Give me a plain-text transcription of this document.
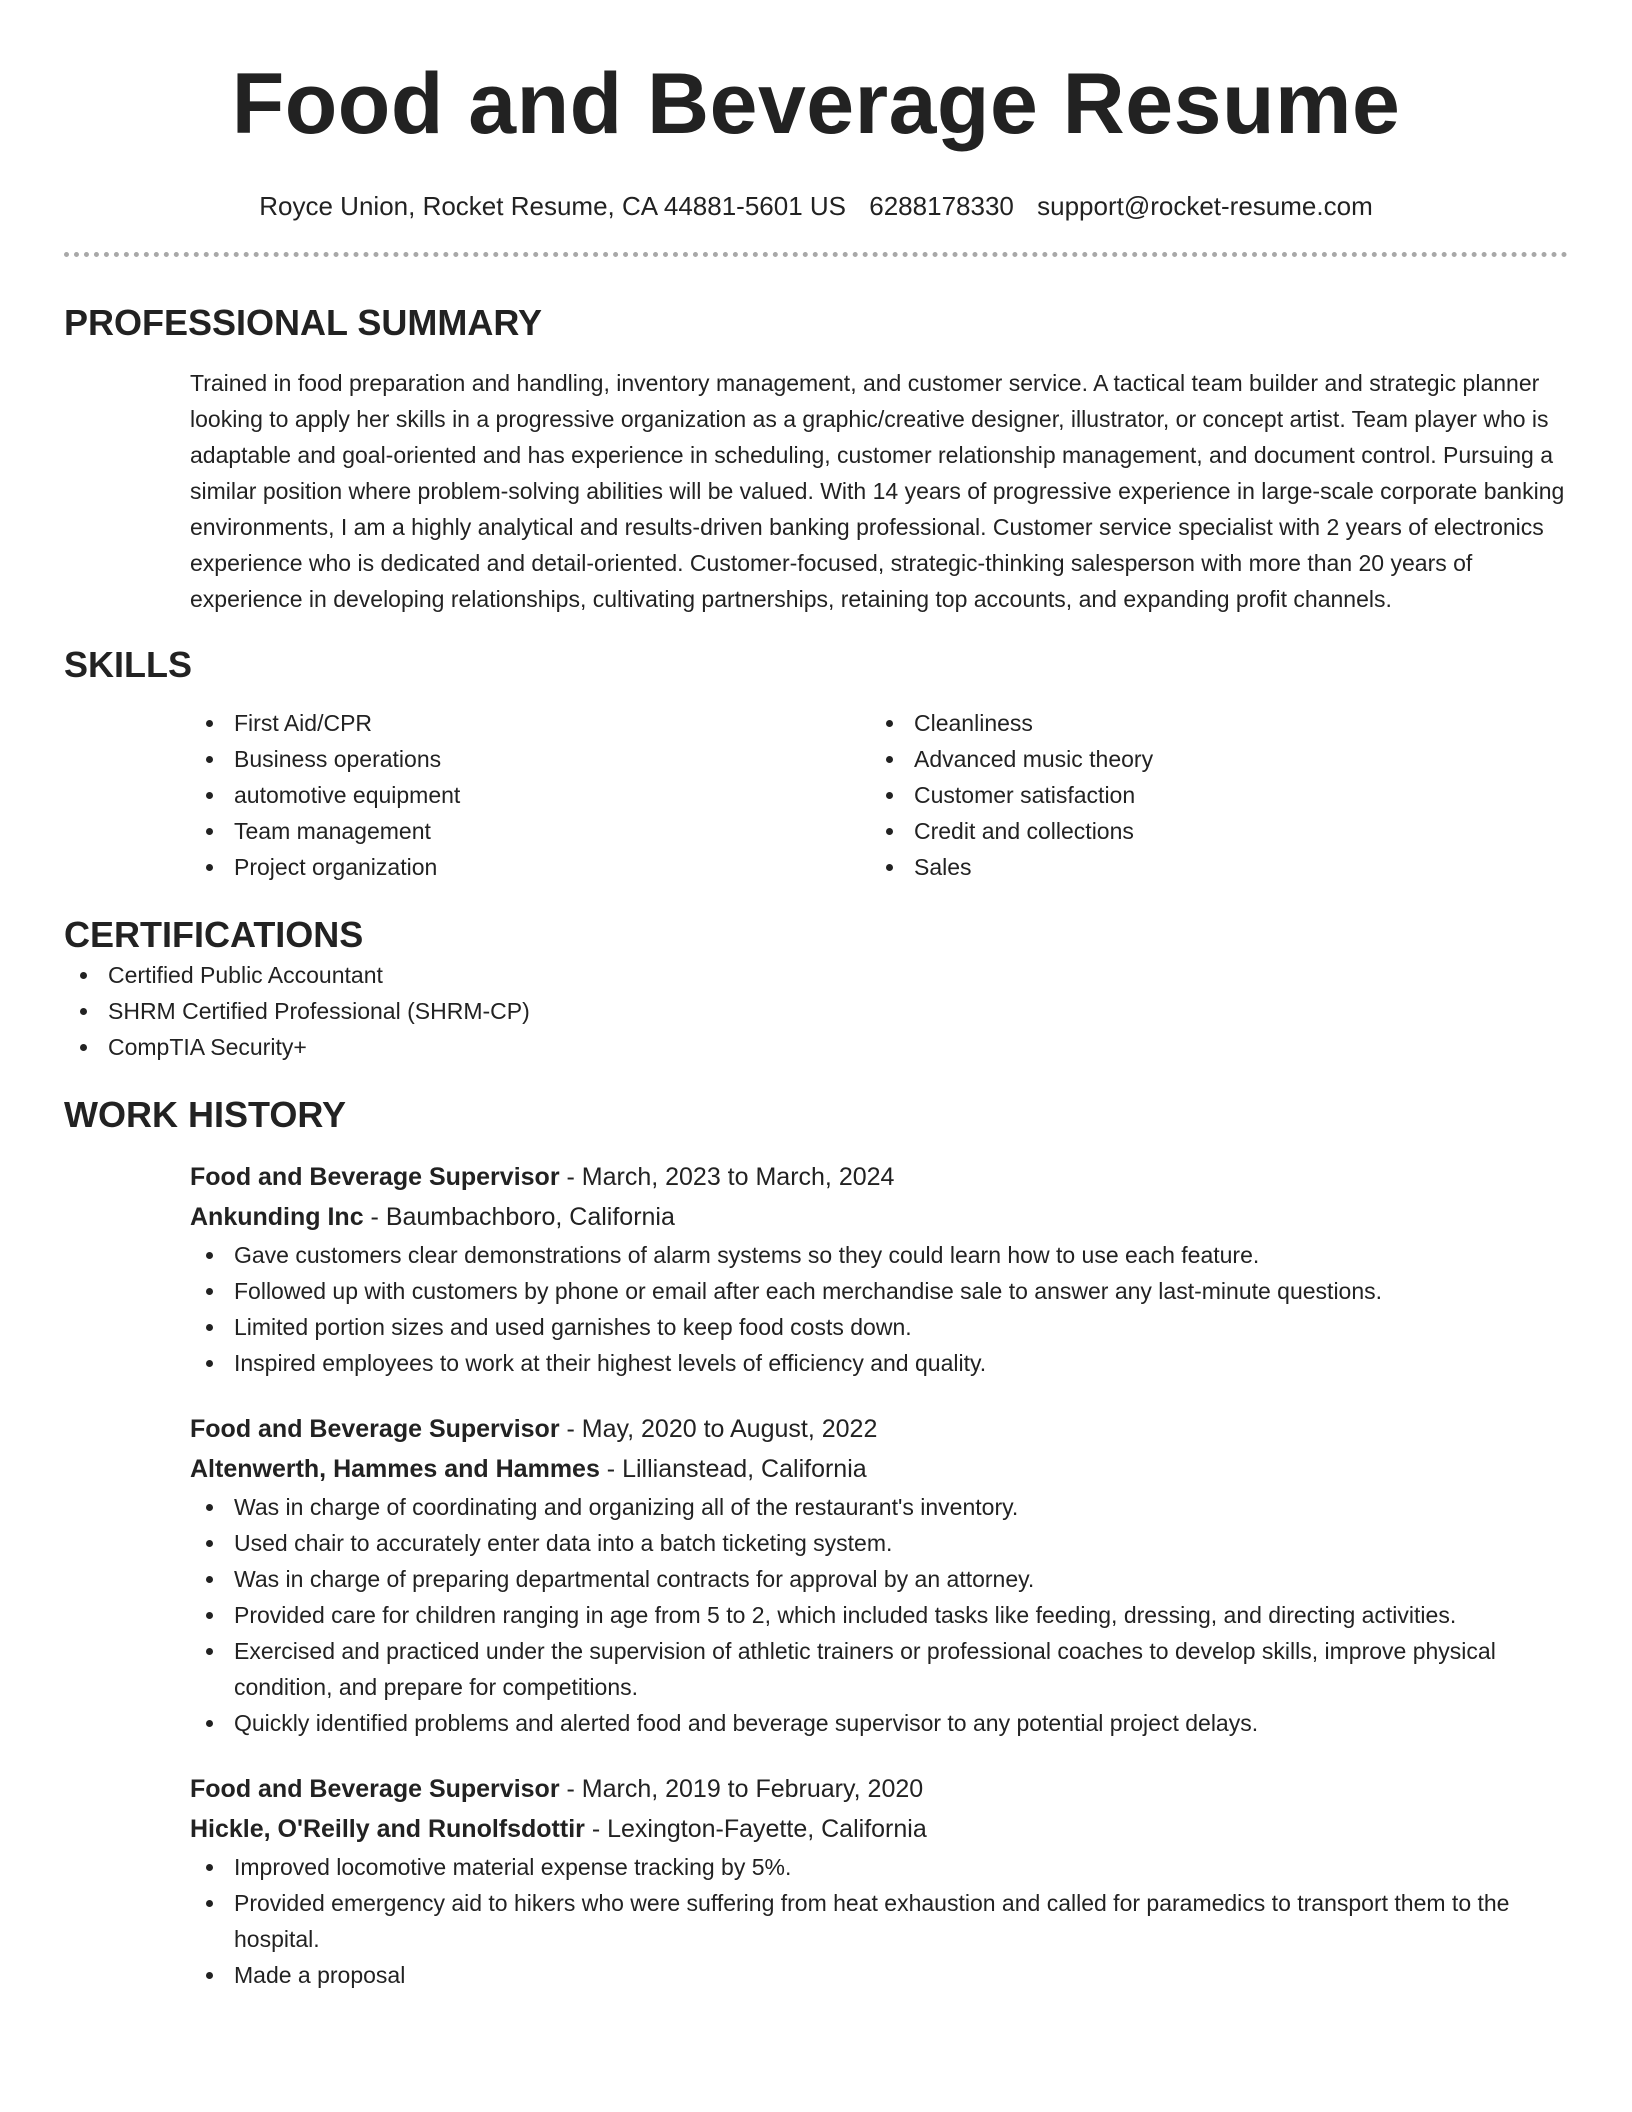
Food and Beverage Resume
Royce Union, Rocket Resume, CA 44881-5601 US 6288178330 support@rocket-resume.com
PROFESSIONAL SUMMARY
Trained in food preparation and handling, inventory management, and customer service. A tactical team builder and strategic planner looking to apply her skills in a progressive organization as a graphic/creative designer, illustrator, or concept artist. Team player who is adaptable and goal-oriented and has experience in scheduling, customer relationship management, and document control. Pursuing a similar position where problem-solving abilities will be valued. With 14 years of progressive experience in large-scale corporate banking environments, I am a highly analytical and results-driven banking professional. Customer service specialist with 2 years of electronics experience who is dedicated and detail-oriented. Customer-focused, strategic-thinking salesperson with more than 20 years of experience in developing relationships, cultivating partnerships, retaining top accounts, and expanding profit channels.
SKILLS
First Aid/CPR
Business operations
automotive equipment
Team management
Project organization
Cleanliness
Advanced music theory
Customer satisfaction
Credit and collections
Sales
CERTIFICATIONS
Certified Public Accountant
SHRM Certified Professional (SHRM-CP)
CompTIA Security+
WORK HISTORY
Food and Beverage Supervisor - March, 2023 to March, 2024
Ankunding Inc - Baumbachboro, California
Gave customers clear demonstrations of alarm systems so they could learn how to use each feature.
Followed up with customers by phone or email after each merchandise sale to answer any last-minute questions.
Limited portion sizes and used garnishes to keep food costs down.
Inspired employees to work at their highest levels of efficiency and quality.
Food and Beverage Supervisor - May, 2020 to August, 2022
Altenwerth, Hammes and Hammes - Lillianstead, California
Was in charge of coordinating and organizing all of the restaurant's inventory.
Used chair to accurately enter data into a batch ticketing system.
Was in charge of preparing departmental contracts for approval by an attorney.
Provided care for children ranging in age from 5 to 2, which included tasks like feeding, dressing, and directing activities.
Exercised and practiced under the supervision of athletic trainers or professional coaches to develop skills, improve physical condition, and prepare for competitions.
Quickly identified problems and alerted food and beverage supervisor to any potential project delays.
Food and Beverage Supervisor - March, 2019 to February, 2020
Hickle, O'Reilly and Runolfsdottir - Lexington-Fayette, California
Improved locomotive material expense tracking by 5%.
Provided emergency aid to hikers who were suffering from heat exhaustion and called for paramedics to transport them to the hospital.
Made a proposal
